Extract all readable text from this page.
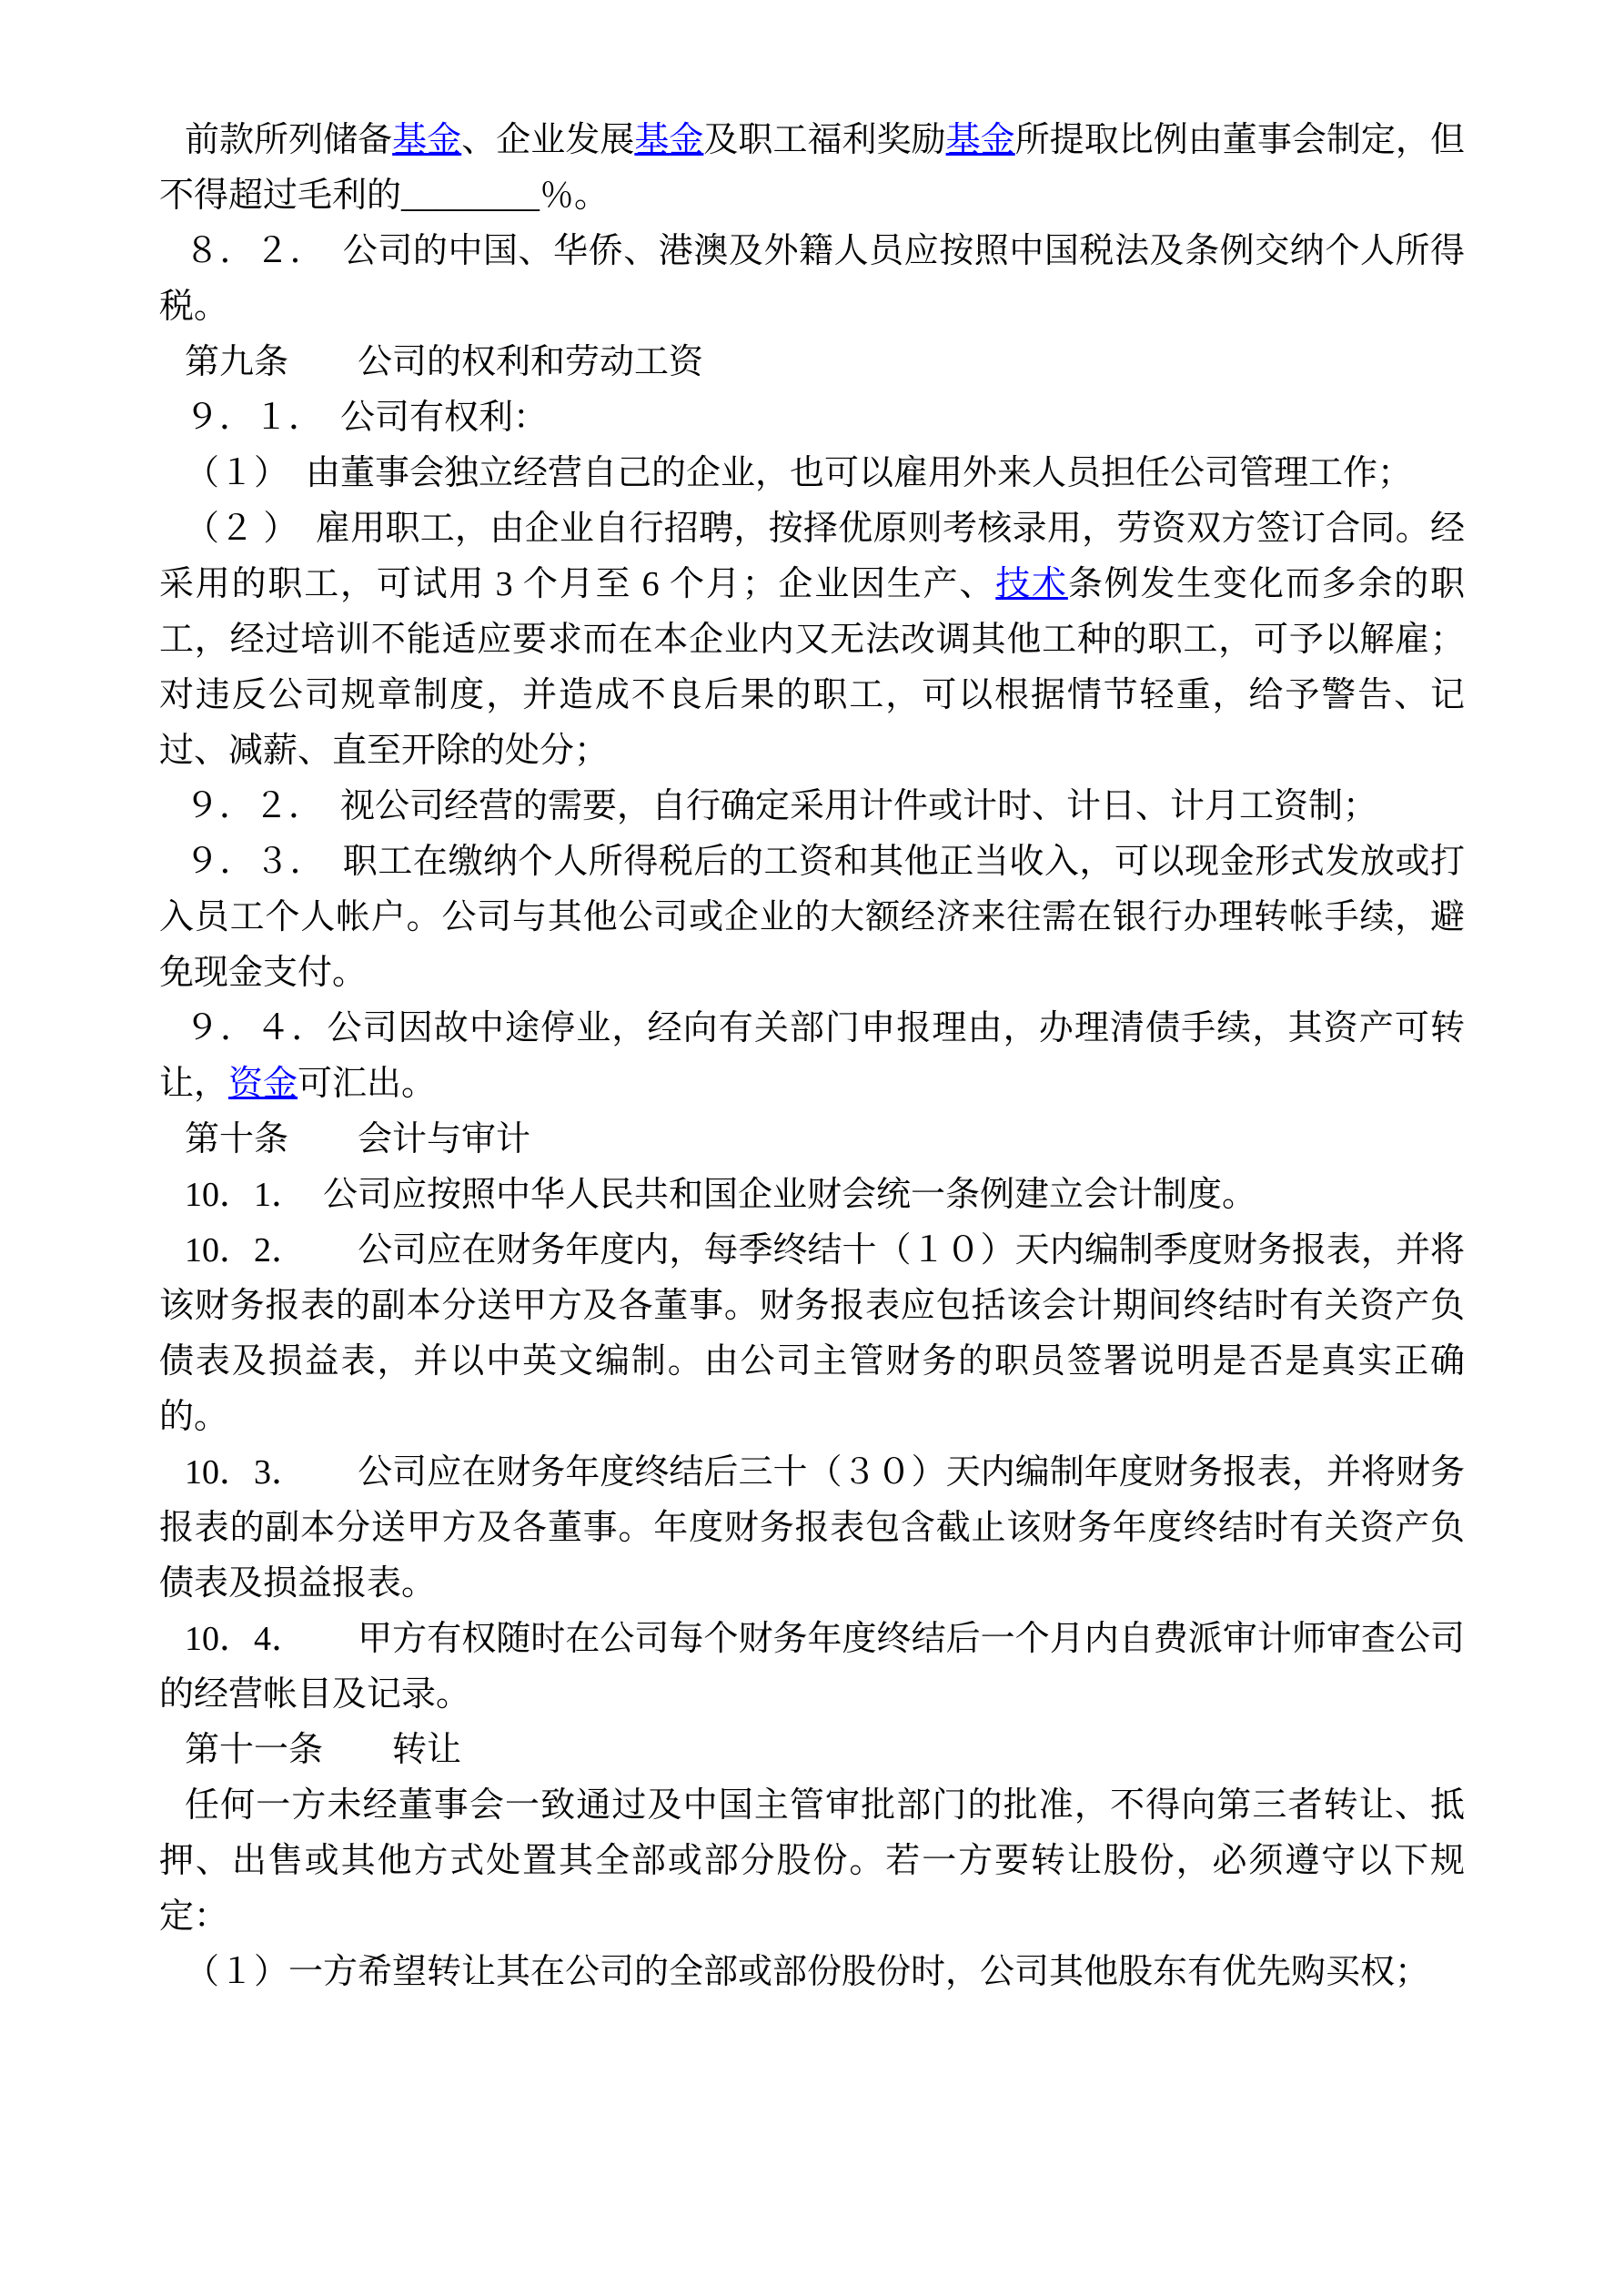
前款所列储备基金、企业发展基金及职工福利奖励基金所提取比例由董事会制定，但不得超过毛利的________％。

８．２．　公司的中国、华侨、港澳及外籍人员应按照中国税法及条例交纳个人所得税。

第九条　　公司的权利和劳动工资

９．１．　公司有权利：

（１）　由董事会独立经营自己的企业，也可以雇用外来人员担任公司管理工作；

（２ ）　雇用职工，由企业自行招聘，按择优原则考核录用，劳资双方签订合同。经采用的职工，可试用 3 个月至 6 个月；企业因生产、技术条例发生变化而多余的职工，经过培训不能适应要求而在本企业内又无法改调其他工种的职工，可予以解雇；对违反公司规章制度，并造成不良后果的职工，可以根据情节轻重，给予警告、记过、减薪、直至开除的处分；

９．２．　视公司经营的需要，自行确定采用计件或计时、计日、计月工资制；

９．３．　职工在缴纳个人所得税后的工资和其他正当收入，可以现金形式发放或打入员工个人帐户。公司与其他公司或企业的大额经济来往需在银行办理转帐手续，避免现金支付。

９．４．公司因故中途停业，经向有关部门申报理由，办理清债手续，其资产可转让，资金可汇出。

第十条　　会计与审计

10．1．　公司应按照中华人民共和国企业财会统一条例建立会计制度。

10．2．　　公司应在财务年度内，每季终结十（１０）天内编制季度财务报表，并将该财务报表的副本分送甲方及各董事。财务报表应包括该会计期间终结时有关资产负债表及损益表，并以中英文编制。由公司主管财务的职员签署说明是否是真实正确的。

10．3．　　公司应在财务年度终结后三十（３０）天内编制年度财务报表，并将财务报表的副本分送甲方及各董事。年度财务报表包含截止该财务年度终结时有关资产负债表及损益报表。

10．4．　　甲方有权随时在公司每个财务年度终结后一个月内自费派审计师审查公司的经营帐目及记录。

第十一条　　转让

任何一方未经董事会一致通过及中国主管审批部门的批准，不得向第三者转让、抵押、出售或其他方式处置其全部或部分股份。若一方要转让股份，必须遵守以下规定：

（１）一方希望转让其在公司的全部或部份股份时，公司其他股东有优先购买权；
